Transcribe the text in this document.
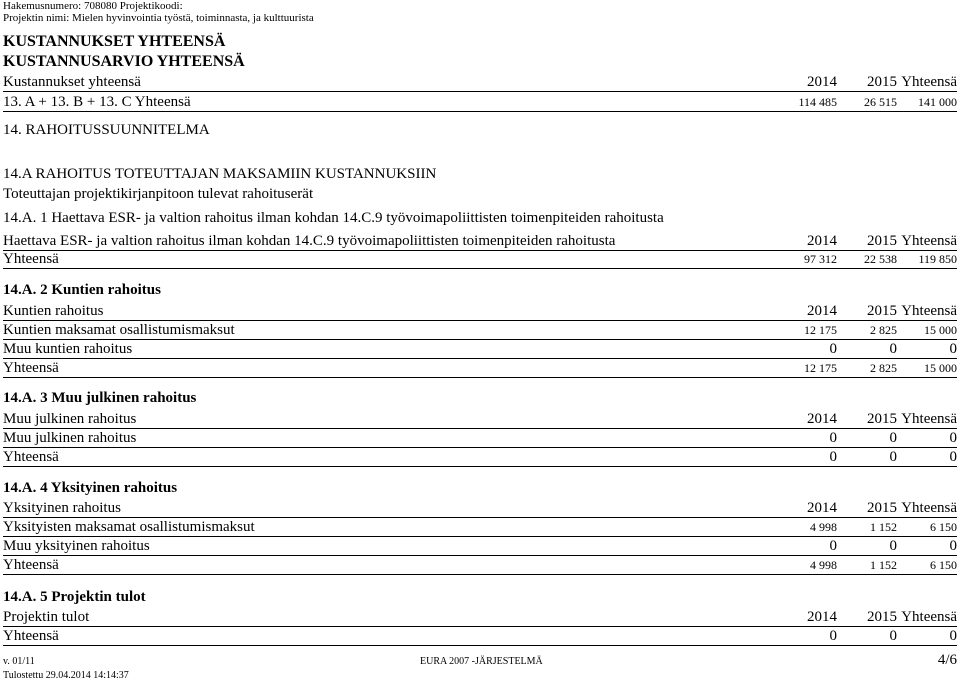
Hakemusnumero: 708080 Projektikoodi:
Projektin nimi: Mielen hyvinvointia työstä, toiminnasta, ja kulttuurista
KUSTANNUKSET YHTEENSÄ
KUSTANNUSARVIO YHTEENSÄ
Kustannukset yhteensä	2014	2015 Yhteensä
13. A + 13. B + 13. C Yhteensä	114 485	26 515	141 000
14. RAHOITUSSUUNNITELMA
14.A RAHOITUS TOTEUTTAJAN MAKSAMIIN KUSTANNUKSIIN
Toteuttajan projektikirjanpitoon tulevat rahoituserät
14.A. 1 Haettava ESR- ja valtion rahoitus ilman kohdan 14.C.9 työvoimapoliittisten toimenpiteiden rahoitusta
Haettava ESR- ja valtion rahoitus ilman kohdan 14.C.9 työvoimapoliittisten toimenpiteiden rahoitusta	2014	2015 Yhteensä
Yhteensä	97 312	22 538	119 850
14.A. 2 Kuntien rahoitus
Kuntien rahoitus	2014	2015 Yhteensä
Kuntien maksamat osallistumismaksut	12 175	2 825	15 000
Muu kuntien rahoitus	0	0	0
Yhteensä	12 175	2 825	15 000
14.A. 3 Muu julkinen rahoitus
Muu julkinen rahoitus	2014	2015 Yhteensä
Muu julkinen rahoitus	0	0	0
Yhteensä	0	0	0
14.A. 4 Yksityinen rahoitus
Yksityinen rahoitus	2014	2015 Yhteensä
Yksityisten maksamat osallistumismaksut	4 998	1 152	6 150
Muu yksityinen rahoitus	0	0	0
Yhteensä	4 998	1 152	6 150
14.A. 5 Projektin tulot
Projektin tulot	2014	2015 Yhteensä
Yhteensä	0	0	0
v. 01/11	EURA 2007 -JÄRJESTELMÄ	4/6
Tulostettu 29.04.2014 14:14:37
